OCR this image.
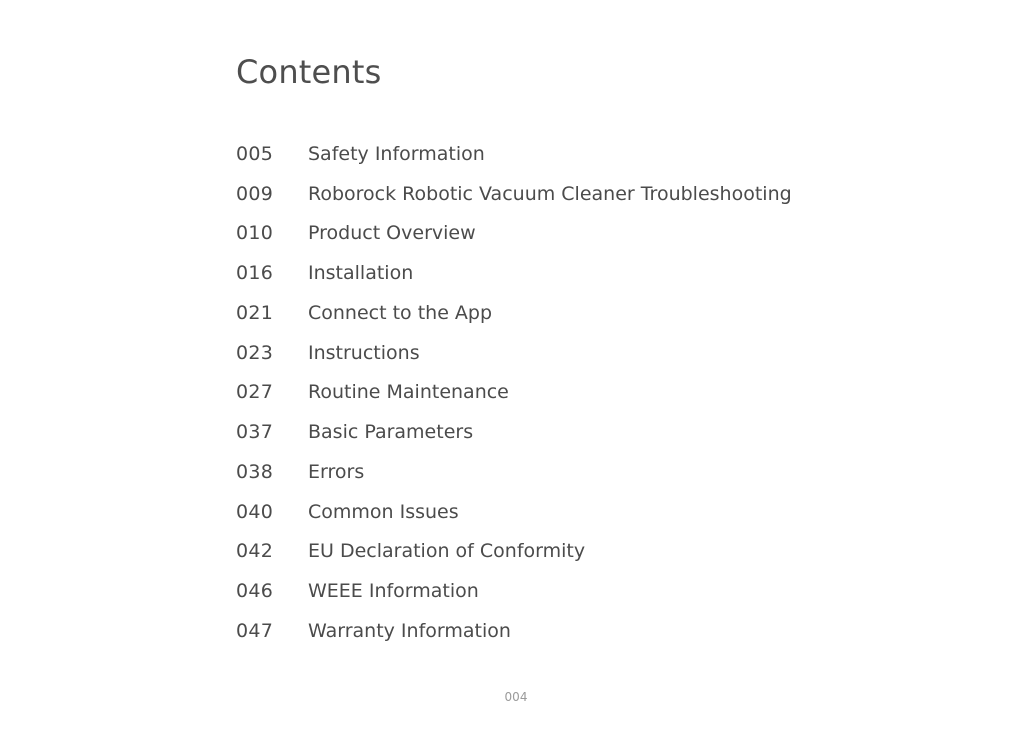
Contents
005	Safety Information
009	Roborock Robotic Vacuum Cleaner Troubleshooting
010	Product Overview
016	Installation
021	Connect to the App
023	Instructions
027	Routine Maintenance
037	Basic Parameters
038	Errors
040	Common Issues
042	EU Declaration of Conformity
046	WEEE Information
047	Warranty Information
004
